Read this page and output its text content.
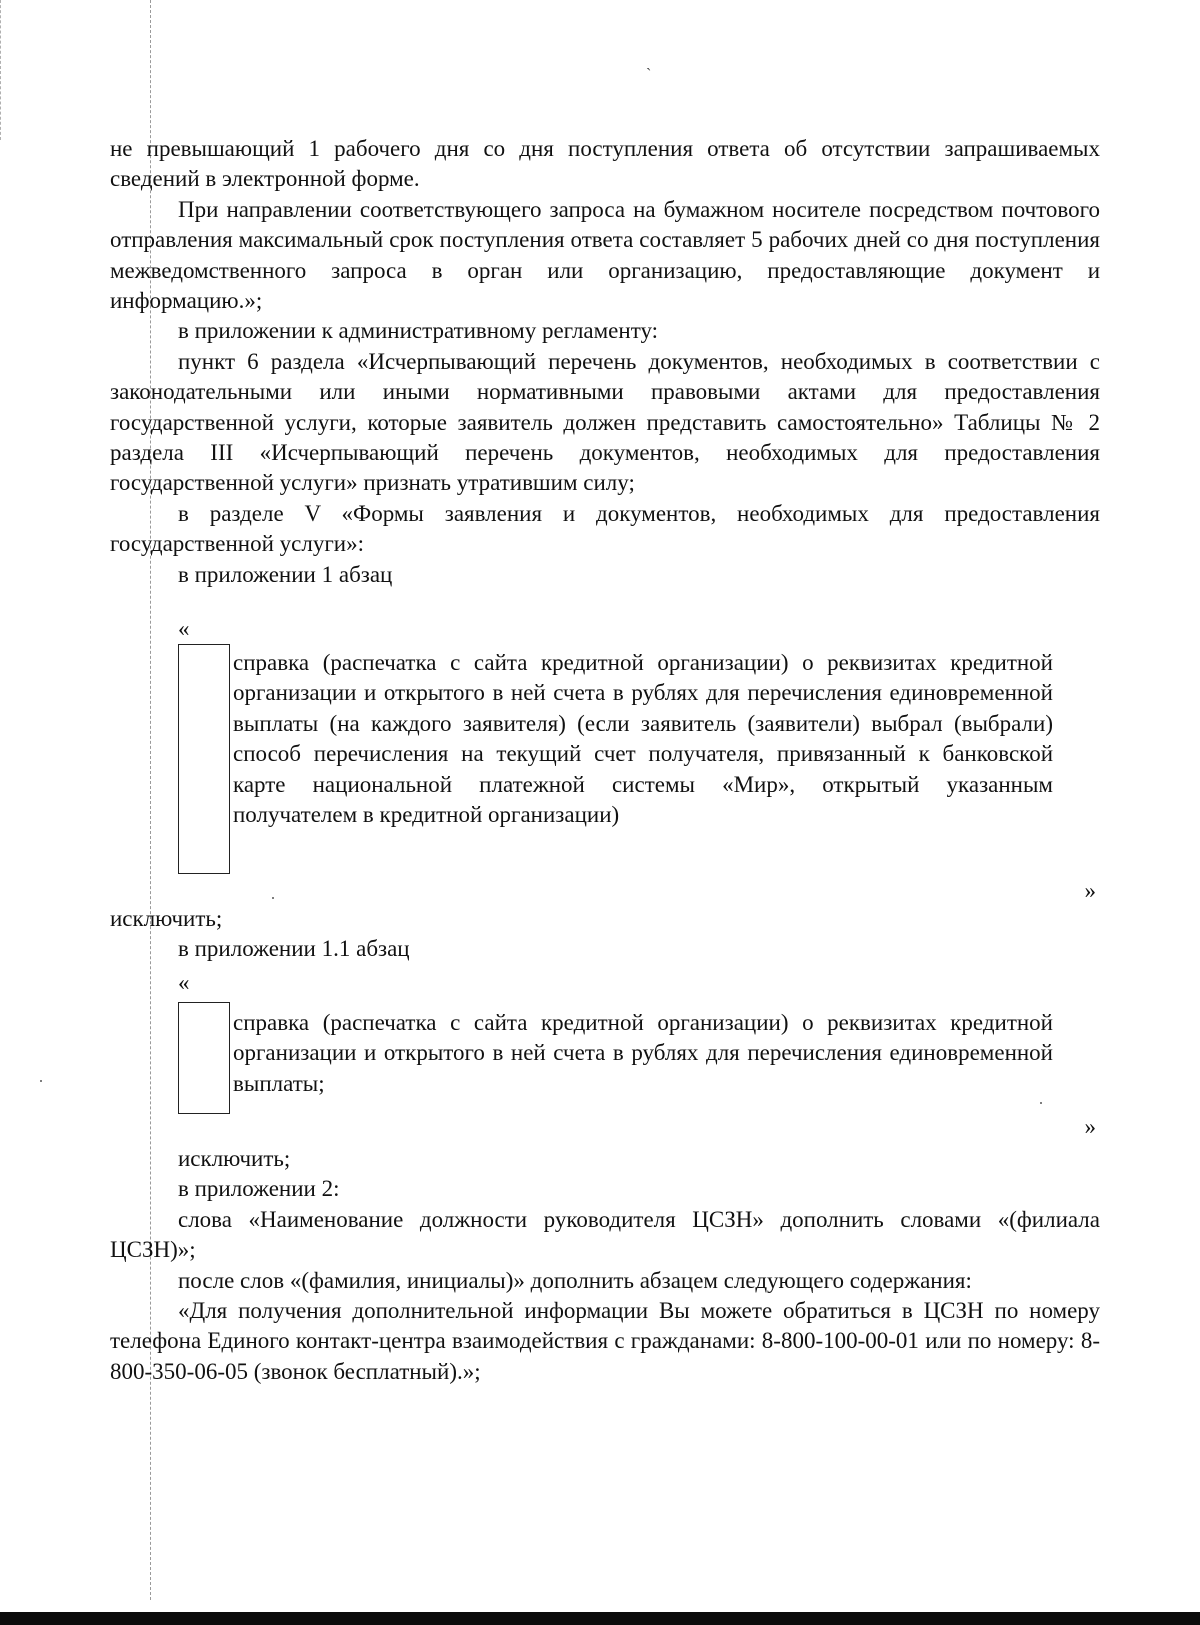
`

не превышающий 1 рабочего дня со дня поступления ответа об отсутствии запрашиваемых сведений в электронной форме.

При направлении соответствующего запроса на бумажном носителе посредством почтового отправления максимальный срок поступления ответа составляет 5 рабочих дней со дня поступления межведомственного запроса в орган или организацию, предоставляющие документ и информацию.»;

в приложении к административному регламенту:

пункт 6 раздела «Исчерпывающий перечень документов, необходимых в соответствии с законодательными или иными нормативными правовыми актами для предоставления государственной услуги, которые заявитель должен представить самостоятельно» Таблицы № 2 раздела III «Исчерпывающий перечень документов, необходимых для предоставления государственной услуги» признать утратившим силу;

в разделе V «Формы заявления и документов, необходимых для предоставления государственной услуги»:

в приложении 1 абзац

«

справка (распечатка с сайта кредитной организации) о реквизитах кредитной организации и открытого в ней счета в рублях для перечисления единовременной выплаты (на каждого заявителя) (если заявитель (заявители) выбрал (выбрали) способ перечисления на текущий счет получателя, привязанный к банковской карте национальной платежной системы «Мир», открытый указанным получателем в кредитной организации)

»

исключить;

в приложении 1.1 абзац

«

справка (распечатка с сайта кредитной организации) о реквизитах кредитной организации и открытого в ней счета в рублях для перечисления единовременной выплаты;

»

исключить;

в приложении 2:

слова «Наименование должности руководителя ЦСЗН» дополнить словами «(филиала ЦСЗН)»;

после слов «(фамилия, инициалы)» дополнить абзацем следующего содержания:

«Для получения дополнительной информации Вы можете обратиться в ЦСЗН по номеру телефона Единого контакт-центра взаимодействия с гражданами: 8-800-100-00-01 или по номеру: 8-800-350-06-05 (звонок бесплатный).»;
